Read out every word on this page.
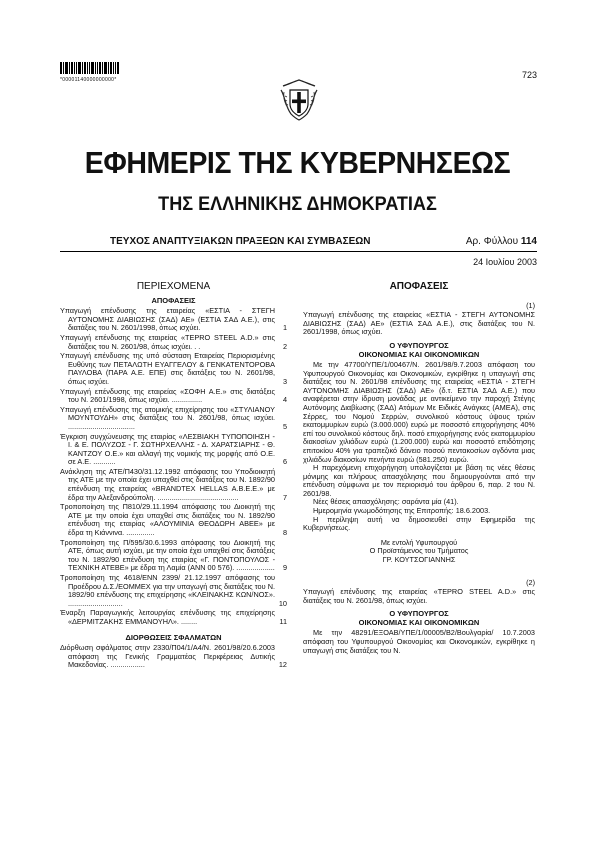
*00001140000000000*	723
ΕΦΗΜΕΡΙΣ ΤΗΣ ΚΥΒΕΡΝΗΣΕΩΣ
ΤΗΣ ΕΛΛΗΝΙΚΗΣ ΔΗΜΟΚΡΑΤΙΑΣ
ΤΕΥΧΟΣ ΑΝΑΠΤΥΞΙΑΚΩΝ ΠΡΑΞΕΩΝ ΚΑΙ ΣΥΜΒΑΣΕΩΝ	Αρ. Φύλλου 114
24 Ιουλίου 2003
ΠΕΡΙΕΧΟΜΕΝΑ
ΑΠΟΦΑΣΕΙΣ
Υπαγωγή επένδυσης της εταιρείας «ΕΣΤΙΑ - ΣΤΕΓΗ ΑΥΤΟΝΟΜΗΣ ΔΙΑΒΙΩΣΗΣ (ΣΑΔ) ΑΕ» (ΕΣΤΙΑ ΣΑΔ Α.Ε.), στις διατάξεις του Ν. 2601/1998, όπως ισχύει.	1
Υπαγωγή επένδυσης της εταιρείας «TEPRO STEEL A.D.» στις διατάξεις του Ν. 2601/98, όπως ισχύει. . .	2
Υπαγωγή επένδυσης της υπό σύσταση Εταιρείας Περιορισμένης Ευθύνης των ΠΕΤΑΛΩΤΗ ΕΥΑΓΓΕΛΟΥ & ΓΕΝΚΑΤΕΝΤΟΡΟΒΑ ΠΑΥΛΟΒΑ (ΠΑΡΑ Α.Ε. ΕΠΕ) στις διατάξεις του Ν. 2601/98, όπως ισχύει.	3
Υπαγωγή επένδυσης της εταιρείας «ΣΟΦΗ Α.Ε.» στις διατάξεις του Ν. 2601/1998, όπως ισχύει. ...............	4
Υπαγωγή επένδυσης της ατομικής επιχείρησης του «ΣΤΥΛΙΑΝΟΥ ΜΟΥΝΤΟΥΔΗ» στις διατάξεις του Ν. 2601/98, όπως ισχύει. .................................	5
Έγκριση συγχώνευσης της εταιρίας «ΛΕΣΒΙΑΚΗ ΤΥΠΟΠΟΙΗΣΗ - Ι. & Ε. ΠΟΛΥΖΟΣ - Γ. ΣΩΤΗΡΧΕΛΛΗΣ - Δ. ΧΑΡΑΤΣΙΑΡΗΣ - Θ. ΚΑΝΤΖΟΥ Ο.Ε.» και αλλαγή της νομικής της μορφής από Ο.Ε. σε Α.Ε. ...........	6
Ανάκληση της ΑΤΕ/Π430/31.12.1992 απόφασης του Υποδιοικητή της ΑΤΕ με την οποία έχει υπαχθεί στις διατάξεις του Ν. 1892/90 επένδυση της εταιρείας «BRANDTEX HELLAS A.B.E.E.» με έδρα την Αλεξανδρούπολη. ........................................	7
Τροποποίηση της Π810/29.11.1994 απόφασης του Διοικητή της ΑΤΕ με την οποία έχει υπαχθεί στις διατάξεις του Ν. 1892/90 επένδυση της εταιρίας «ΑΛΟΥΜΙΝΙΑ ΘΕΟΔΩΡΗ ΑΒΕΕ» με έδρα τη Κιάννινα. ..............	8
Τροποποίηση της Π/595/30.6.1993 απόφασης του Διοικητή της ΑΤΕ, όπως αυτή ισχύει, με την οποία έχει υπαχθεί στις διατάξεις του Ν. 1892/90 επένδυση της εταιρίας «Γ. ΠΟΝΤΟΠΟΥΛΟΣ - ΤΕΧΝΙΚΗ ΑΤΕΒΕ» με έδρα τη Λαμία (ΑΝΝ 00 576). ................... 9
Τροποποίηση της 4618/ΕΝΝ 2399/ 21.12.1997 απόφασης του Προέδρου Δ.Σ./ΕΟΜΜΕΧ για την υπαγωγή στις διατάξεις του Ν. 1892/90 επένδυσης της επιχείρησης «ΚΛΕΙΝΑΚΗΣ ΚΩΝ/ΝΟΣ». ...........................	10
Έναρξη Παραγωγικής λειτουργίας επένδυσης της επιχείρησης «ΔΕΡΜΙΤΖΑΚΗΣ ΕΜΜΑΝΟΥΗΛ». ........	11
ΔΙΟΡΘΩΣΕΙΣ ΣΦΑΛΜΑΤΩΝ
Διόρθωση σφάλματος στην 2330/Π04/1/Α4/Ν. 2601/98/20.6.2003 απόφαση της Γενικής Γραμματέας Περιφέρειας Δυτικής Μακεδονίας. .................	12
ΑΠΟΦΑΣΕΙΣ
(1)
Υπαγωγή επένδυσης της εταιρείας «ΕΣΤΙΑ - ΣΤΕΓΗ ΑΥΤΟΝΟΜΗΣ ΔΙΑΒΙΩΣΗΣ (ΣΑΔ) ΑΕ» (ΕΣΤΙΑ ΣΑΔ Α.Ε.), στις διατάξεις του Ν. 2601/1998, όπως ισχύει.
Ο ΥΦΥΠΟΥΡΓΟΣ
ΟΙΚΟΝΟΜΙΑΣ ΚΑΙ ΟΙΚΟΝΟΜΙΚΩΝ
Με την 47700/ΥΠΕ/1/00467/Ν. 2601/98/9.7.2003 απόφαση του Υφυπουργού Οικονομίας και Οικονομικών, εγκρίθηκε η υπαγωγή στις διατάξεις του Ν. 2601/98 επένδυσης της εταιρείας «ΕΣΤΙΑ - ΣΤΕΓΗ ΑΥΤΟΝΟΜΗΣ ΔΙΑΒΙΩΣΗΣ (ΣΑΔ) ΑΕ» (δ.τ. ΕΣΤΙΑ ΣΑΔ Α.Ε.) που αναφέρεται στην ίδρυση μονάδας με αντικείμενο την παροχή Στέγης Αυτόνομης Διαβίωσης (ΣΑΔ) Ατόμων Με Ειδικές Ανάγκες (ΑΜΕΑ), στις Σέρρες, του Νομού Σερρών, συνολικού κόστους ύψους τριών εκατομμυρίων ευρώ (3.000.000) ευρώ με ποσοστό επιχορήγησης 40% επί του συνολικού κόστους δηλ. ποσό επιχορήγησης ενός εκατομμυρίου διακοσίων χιλιάδων ευρώ (1.200.000) ευρώ και ποσοστό επιδότησης επιτοκίου 40% για τραπεζικό δάνειο ποσού πεντακοσίων ογδόντα μιας χιλιάδων διακοσίων πενήντα ευρώ (581.250) ευρώ.
Η παρεχόμενη επιχορήγηση υπολογίζεται με βάση τις νέες θέσεις μόνιμης και πλήρους απασχόλησης που δημιουργούνται από την επένδυση σύμφωνα με τον περιορισμό του άρθρου 6, παρ. 2 του Ν. 2601/98.
Νέες θέσεις απασχόλησης: σαράντα μία (41).
Ημερομηνία γνωμοδότησης της Επιτροπής: 18.6.2003.
Η περίληψη αυτή να δημοσιευθεί στην Εφημερίδα της Κυβερνήσεως.
Με εντολή Υφυπουργού
Ο Προϊστάμενος του Τμήματος
ΓΡ. ΚΟΥΤΣΟΓΙΑΝΝΗΣ
(2)
Υπαγωγή επένδυσης της εταιρείας «TEPRO STEEL A.D.» στις διατάξεις του Ν. 2601/98, όπως ισχύει.
Ο ΥΦΥΠΟΥΡΓΟΣ
ΟΙΚΟΝΟΜΙΑΣ ΚΑΙ ΟΙΚΟΝΟΜΙΚΩΝ
Με την 48291/ΕΞΟΑΒ/ΥΠΕ/1/00005/Β2/Βουλγαρία/ 10.7.2003 απόφαση του Υφυπουργού Οικονομίας και Οικονομικών, εγκρίθηκε η υπαγωγή στις διατάξεις του Ν.
